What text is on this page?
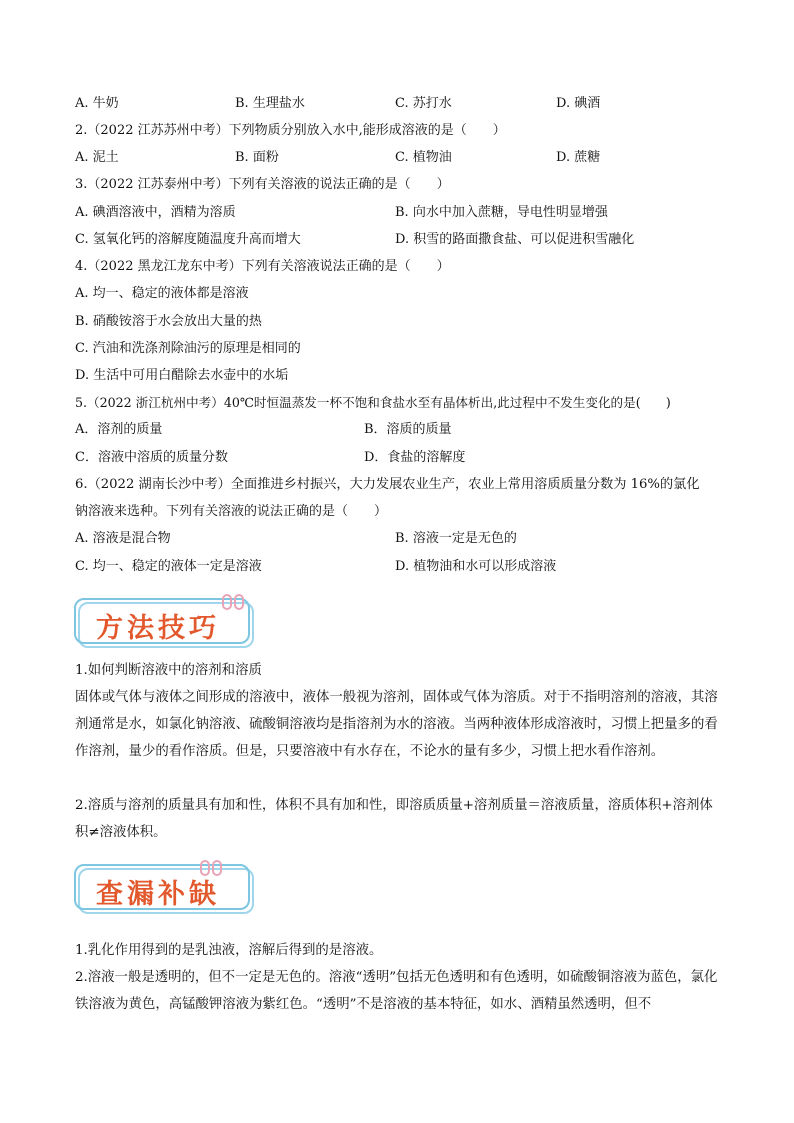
A. 牛奶	B. 生理盐水	C. 苏打水	D. 碘酒
2.（2022 江苏苏州中考）下列物质分别放入水中,能形成溶液的是（　　）
A. 泥土	B. 面粉	C. 植物油	D. 蔗糖
3.（2022 江苏泰州中考）下列有关溶液的说法正确的是（　　）
A. 碘酒溶液中，酒精为溶质	B. 向水中加入蔗糖，导电性明显增强
C. 氢氧化钙的溶解度随温度升高而增大	D. 积雪的路面撒食盐、可以促进积雪融化
4.（2022 黑龙江龙东中考）下列有关溶液说法正确的是（　　）
A. 均一、稳定的液体都是溶液
B. 硝酸铵溶于水会放出大量的热
C. 汽油和洗涤剂除油污的原理是相同的
D. 生活中可用白醋除去水壶中的水垢
5.（2022 浙江杭州中考）40℃时恒温蒸发一杯不饱和食盐水至有晶体析出,此过程中不发生变化的是(　　)
A．溶剂的质量	B．溶质的质量
C．溶液中溶质的质量分数	D．食盐的溶解度
6.（2022 湖南长沙中考）全面推进乡村振兴，大力发展农业生产，农业上常用溶质质量分数为 16%的氯化
钠溶液来选种。下列有关溶液的说法正确的是（　　）
A. 溶液是混合物	B. 溶液一定是无色的
C. 均一、稳定的液体一定是溶液	D. 植物油和水可以形成溶液
方法技巧
1.如何判断溶液中的溶剂和溶质
固体或气体与液体之间形成的溶液中，液体一般视为溶剂，固体或气体为溶质。对于不指明溶剂的溶液，其溶剂通常是水，如氯化钠溶液、硫酸铜溶液均是指溶剂为水的溶液。当两种液体形成溶液时，习惯上把量多的看作溶剂，量少的看作溶质。但是，只要溶液中有水存在，不论水的量有多少，习惯上把水看作溶剂。
2.溶质与溶剂的质量具有加和性，体积不具有加和性，即溶质质量+溶剂质量＝溶液质量，溶质体积+溶剂体积≠溶液体积。
查漏补缺
1.乳化作用得到的是乳浊液，溶解后得到的是溶液。
2.溶液一般是透明的，但不一定是无色的。溶液“透明”包括无色透明和有色透明，如硫酸铜溶液为蓝色，氯化铁溶液为黄色，高锰酸钾溶液为紫红色。“透明”不是溶液的基本特征，如水、酒精虽然透明，但不
